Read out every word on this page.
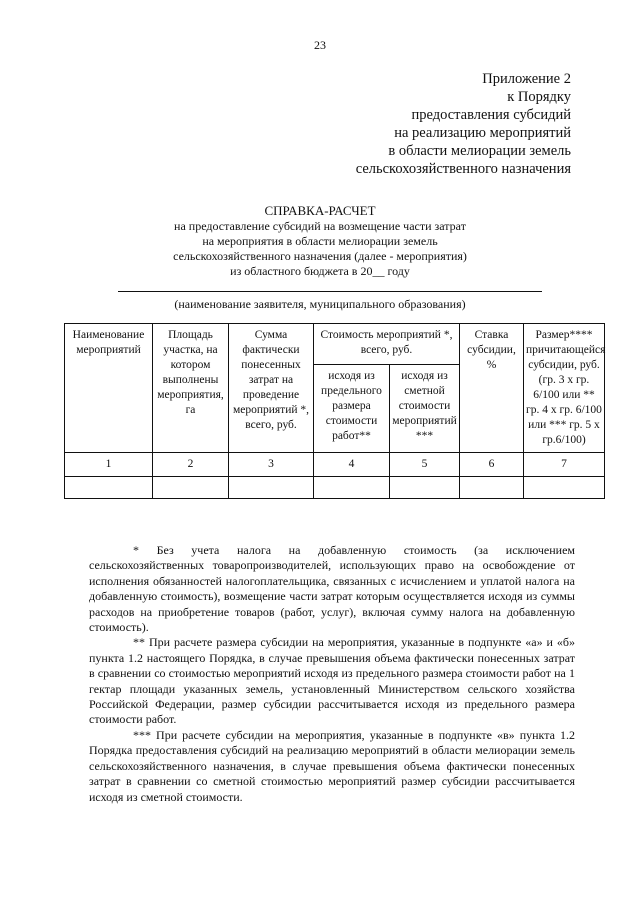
23
Приложение 2
к Порядку
предоставления субсидий
на реализацию мероприятий
в области мелиорации земель
сельскохозяйственного назначения
СПРАВКА-РАСЧЕТ
на предоставление субсидий на возмещение части затрат
на мероприятия в области мелиорации земель
сельскохозяйственного назначения (далее - мероприятия)
из областного бюджета в 20__ году
(наименование заявителя, муниципального образования)
Наименование мероприятий	Площадь участка, на котором выполнены мероприятия, га	Сумма фактически понесенных затрат на проведение мероприятий *, всего, руб.	Стоимость мероприятий *, всего, руб.		Ставка субсидии, %	Размер**** причитающейся субсидии, руб. (гр. 3 x гр. 6/100 или ** гр. 4 x гр. 6/100 или *** гр. 5 x гр.6/100)
			исходя из предельного размера стоимости работ**	исходя из сметной стоимости мероприятий ***		
1	2	3	4	5	6	7

* Без учета налога на добавленную стоимость (за исключением сельскохозяйственных товаропроизводителей, использующих право на освобождение от исполнения обязанностей налогоплательщика, связанных с исчислением и уплатой налога на добавленную стоимость), возмещение части затрат которым осуществляется исходя из суммы расходов на приобретение товаров (работ, услуг), включая сумму налога на добавленную стоимость).

** При расчете размера субсидии на мероприятия, указанные в подпункте «а» и «б» пункта 1.2 настоящего Порядка, в случае превышения объема фактически понесенных затрат в сравнении со стоимостью мероприятий исходя из предельного размера стоимости работ на 1 гектар площади указанных земель, установленный Министерством сельского хозяйства Российской Федерации, размер субсидии рассчитывается исходя из предельного размера стоимости работ.

*** При расчете субсидии на мероприятия, указанные в подпункте «в» пункта 1.2 Порядка предоставления субсидий на реализацию мероприятий в области мелиорации земель сельскохозяйственного назначения, в случае превышения объема фактически понесенных затрат в сравнении со сметной стоимостью мероприятий размер субсидии рассчитывается исходя из сметной стоимости.
